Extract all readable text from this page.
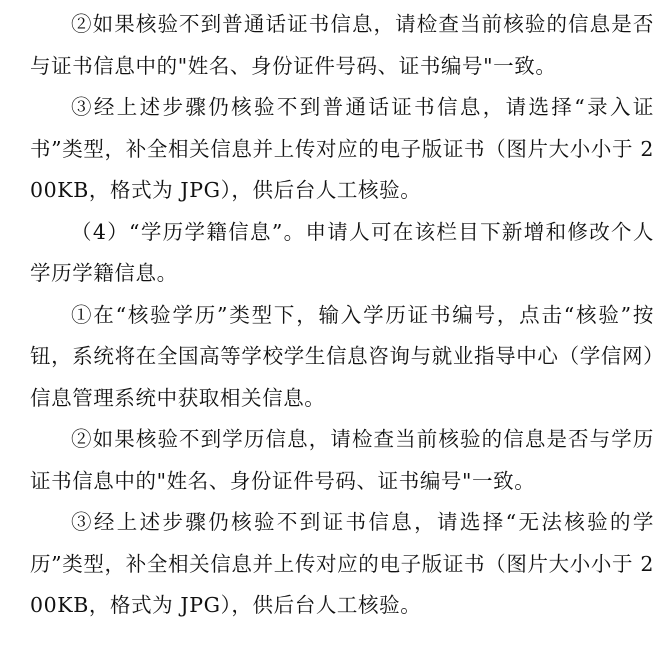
②如果核验不到普通话证书信息，请检查当前核验的信息是否与证书信息中的"姓名、身份证件号码、证书编号"一致。

③经上述步骤仍核验不到普通话证书信息，请选择“录入证书”类型，补全相关信息并上传对应的电子版证书（图片大小小于 200KB，格式为 JPG），供后台人工核验。

（4）“学历学籍信息”。申请人可在该栏目下新增和修改个人学历学籍信息。

①在“核验学历”类型下，输入学历证书编号，点击“核验”按钮，系统将在全国高等学校学生信息咨询与就业指导中心（学信网）信息管理系统中获取相关信息。

②如果核验不到学历信息，请检查当前核验的信息是否与学历证书信息中的"姓名、身份证件号码、证书编号"一致。

③经上述步骤仍核验不到证书信息，请选择“无法核验的学历”类型，补全相关信息并上传对应的电子版证书（图片大小小于 200KB，格式为 JPG），供后台人工核验。
